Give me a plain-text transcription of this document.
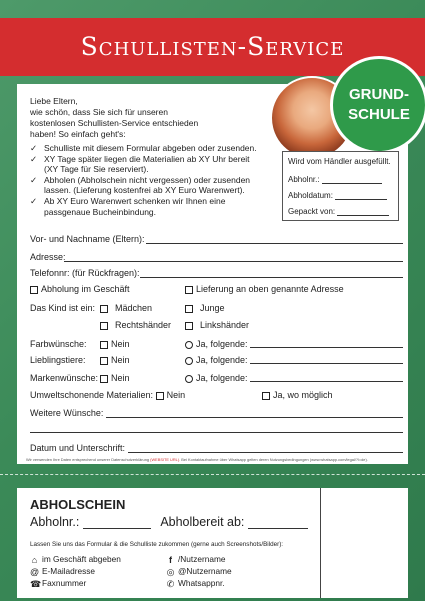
Schullisten-Service
GRUND-
SCHULE
Liebe Eltern,
wie schön, dass Sie sich für unseren
kostenlosen Schullisten-Service entschieden
haben! So einfach geht's:
✓ Schulliste mit diesem Formular abgeben oder zusenden.
✓ XY Tage später liegen die Materialien ab XY Uhr bereit
(XY Tage für Sie reserviert).
✓ Abholen (Abholschein nicht vergessen) oder zusenden
lassen. (Lieferung kostenfrei ab XY Euro Warenwert).
✓ Ab XY Euro Warenwert schenken wir Ihnen eine
passgenaue Bucheinbindung.
Wird vom Händler ausgefüllt.
Abholnr.:
Abholdatum:
Gepackt von:
Vor- und Nachname (Eltern):
Adresse:
Telefonnr: (für Rückfragen):
Abholung im Geschäft	Lieferung an oben genannte Adresse
Das Kind ist ein:	Mädchen	Junge
Rechtshänder	Linkshänder
Farbwünsche:	Nein	Ja, folgende:
Lieblingstiere:	Nein	Ja, folgende:
Markenwünsche:	Nein	Ja, folgende:
Umweltschonende Materialien: Nein	Ja, wo möglich
Weitere Wünsche:
Datum und Unterschrift:
Wir verwenden Ihre Daten entsprechend unserer Datenschutzerklärung (WEBSITE URL). Bei Kontaktaufnahme über Whatsapp gelten deren Nutzungsbedingungen (www.whatsapp.com/legal/?l=de).
ABHOLSCHEIN
Abholnr.:	Abholbereit ab:
Lassen Sie uns das Formular & die Schulliste zukommen (gerne auch Screenshots/Bilder):
⌂ im Geschäft abgeben
@ E-Mailadresse
☎Faxnummer
f /Nutzername
◎ @Nutzername
✆ Whatsappnr.
